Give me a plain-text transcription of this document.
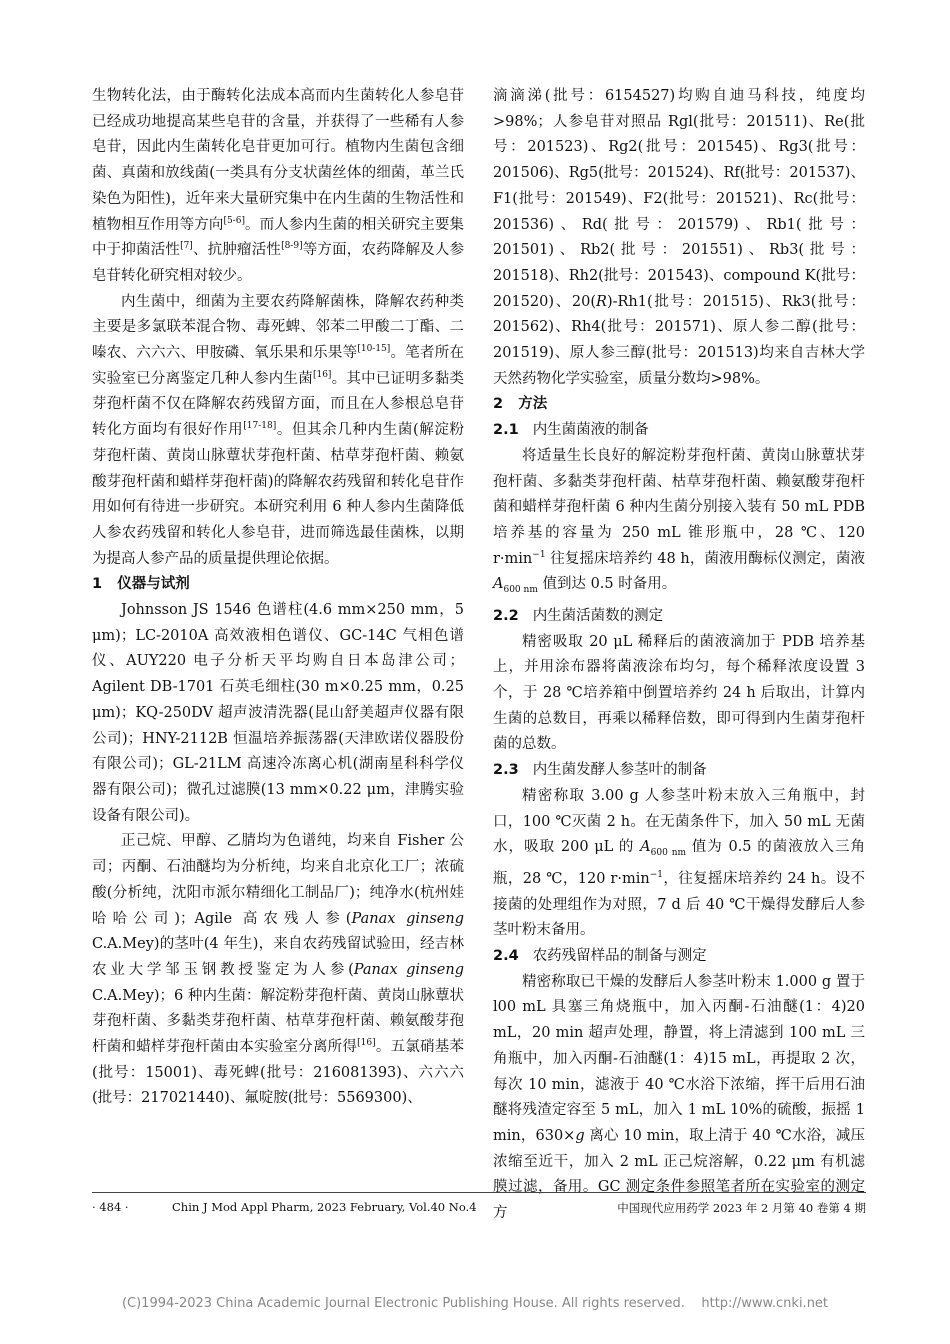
生物转化法，由于酶转化法成本高而内生菌转化人参皂苷已经成功地提高某些皂苷的含量，并获得了一些稀有人参皂苷，因此内生菌转化皂苷更加可行。植物内生菌包含细菌、真菌和放线菌(一类具有分支状菌丝体的细菌，革兰氏染色为阳性)，近年来大量研究集中在内生菌的生物活性和植物相互作用等方向[5-6]。而人参内生菌的相关研究主要集中于抑菌活性[7]、抗肿瘤活性[8-9]等方面，农药降解及人参皂苷转化研究相对较少。

内生菌中，细菌为主要农药降解菌株，降解农药种类主要是多氯联苯混合物、毒死蜱、邻苯二甲酸二丁酯、二嗪农、六六六、甲胺磷、氧乐果和乐果等[10-15]。笔者所在实验室已分离鉴定几种人参内生菌[16]。其中已证明多黏类芽孢杆菌不仅在降解农药残留方面，而且在人参根总皂苷转化方面均有很好作用[17-18]。但其余几种内生菌(解淀粉芽孢杆菌、黄岗山脉蕈状芽孢杆菌、枯草芽孢杆菌、赖氨酸芽孢杆菌和蜡样芽孢杆菌)的降解农药残留和转化皂苷作用如何有待进一步研究。本研究利用 6 种人参内生菌降低人参农药残留和转化人参皂苷，进而筛选最佳菌株，以期为提高人参产品的质量提供理论依据。

1 仪器与试剂

Johnsson JS 1546 色谱柱(4.6 mm×250 mm，5 μm)；LC-2010A 高效液相色谱仪、GC-14C 气相色谱仪、AUY220 电子分析天平均购自日本岛津公司；Agilent DB-1701 石英毛细柱(30 m×0.25 mm，0.25 μm)；KQ-250DV 超声波清洗器(昆山舒美超声仪器有限公司)；HNY-2112B 恒温培养振荡器(天津欧诺仪器股份有限公司)；GL-21LM 高速冷冻离心机(湖南星科科学仪器有限公司)；微孔过滤膜(13 mm×0.22 μm，津腾实验设备有限公司)。

正己烷、甲醇、乙腈均为色谱纯，均来自 Fisher 公司；丙酮、石油醚均为分析纯，均来自北京化工厂；浓硫酸(分析纯，沈阳市派尔精细化工制品厂)；纯净水(杭州娃哈哈公司)；Agile 高农残人参(Panax ginseng C.A.Mey)的茎叶(4 年生)，来自农药残留试验田，经吉林农业大学邹玉钢教授鉴定为人参(Panax ginseng C.A.Mey)；6 种内生菌：解淀粉芽孢杆菌、黄岗山脉蕈状芽孢杆菌、多黏类芽孢杆菌、枯草芽孢杆菌、赖氨酸芽孢杆菌和蜡样芽孢杆菌由本实验室分离所得[16]。五氯硝基苯(批号：15001)、毒死蜱(批号：216081393)、六六六(批号：217021440)、氟啶胺(批号：5569300)、

滴滴涕(批号：6154527)均购自迪马科技，纯度均>98%；人参皂苷对照品 Rgl(批号：201511)、Re(批号：201523)、Rg2(批号：201545)、Rg3(批号：201506)、Rg5(批号：201524)、Rf(批号：201537)、F1(批号：201549)、F2(批号：201521)、Rc(批号：201536)、Rd(批号：201579)、Rb1(批号：201501)、Rb2(批号：201551)、Rb3(批号：201518)、Rh2(批号：201543)、compound K(批号：201520)、20(R)-Rh1(批号：201515)、Rk3(批号：201562)、Rh4(批号：201571)、原人参二醇(批号：201519)、原人参三醇(批号：201513)均来自吉林大学天然药物化学实验室，质量分数均>98%。

2 方法

2.1 内生菌菌液的制备

将适量生长良好的解淀粉芽孢杆菌、黄岗山脉蕈状芽孢杆菌、多黏类芽孢杆菌、枯草芽孢杆菌、赖氨酸芽孢杆菌和蜡样芽孢杆菌 6 种内生菌分别接入装有 50 mL PDB 培养基的容量为 250 mL 锥形瓶中，28 ℃、120 $r\cdot\min^{-1}$ 往复摇床培养约 48 h，菌液用酶标仪测定，菌液 $A_{600 nm}$ 值到达 0.5 时备用。

2.2 内生菌活菌数的测定

精密吸取 20 μL 稀释后的菌液滴加于 PDB 培养基上，并用涂布器将菌液涂布均匀，每个稀释浓度设置 3 个，于 28 ℃培养箱中倒置培养约 24 h 后取出，计算内生菌的总数目，再乘以稀释倍数，即可得到内生菌芽孢杆菌的总数。

2.3 内生菌发酵人参茎叶的制备

精密称取 3.00 g 人参茎叶粉末放入三角瓶中，封口，100 ℃灭菌 2 h。在无菌条件下，加入 50 mL 无菌水，吸取 200 μL 的 $A_{600 nm}$ 值为 0.5 的菌液放入三角瓶，28 ℃，120 $r\cdot\min^{-1}$，往复摇床培养约 24 h。设不接菌的处理组作为对照，7 d 后 40 ℃干燥得发酵后人参茎叶粉末备用。

2.4 农药残留样品的制备与测定

精密称取已干燥的发酵后人参茎叶粉末 1.000 g 置于 l00 mL 具塞三角烧瓶中，加入丙酮-石油醚(1：4)20 mL，20 min 超声处理，静置，将上清滤到 100 mL 三角瓶中，加入丙酮-石油醚(1：4)15 mL，再提取 2 次，每次 10 min，滤液于 40 ℃水浴下浓缩，挥干后用石油醚将残渣定容至 5 mL，加入 1 mL 10%的硫酸，振摇 1 min，630×g 离心 10 min，取上清于 40 ℃水浴，减压浓缩至近干，加入 2 mL 正己烷溶解，0.22 μm 有机滤膜过滤，备用。GC 测定条件参照笔者所在实验室的测定方

· 484 ·	Chin J Mod Appl Pharm, 2023 February, Vol.40 No.4	中国现代应用药学 2023 年 2 月第 40 卷第 4 期
(C)1994-2023 China Academic Journal Electronic Publishing House. All rights reserved.    http://www.cnki.net
